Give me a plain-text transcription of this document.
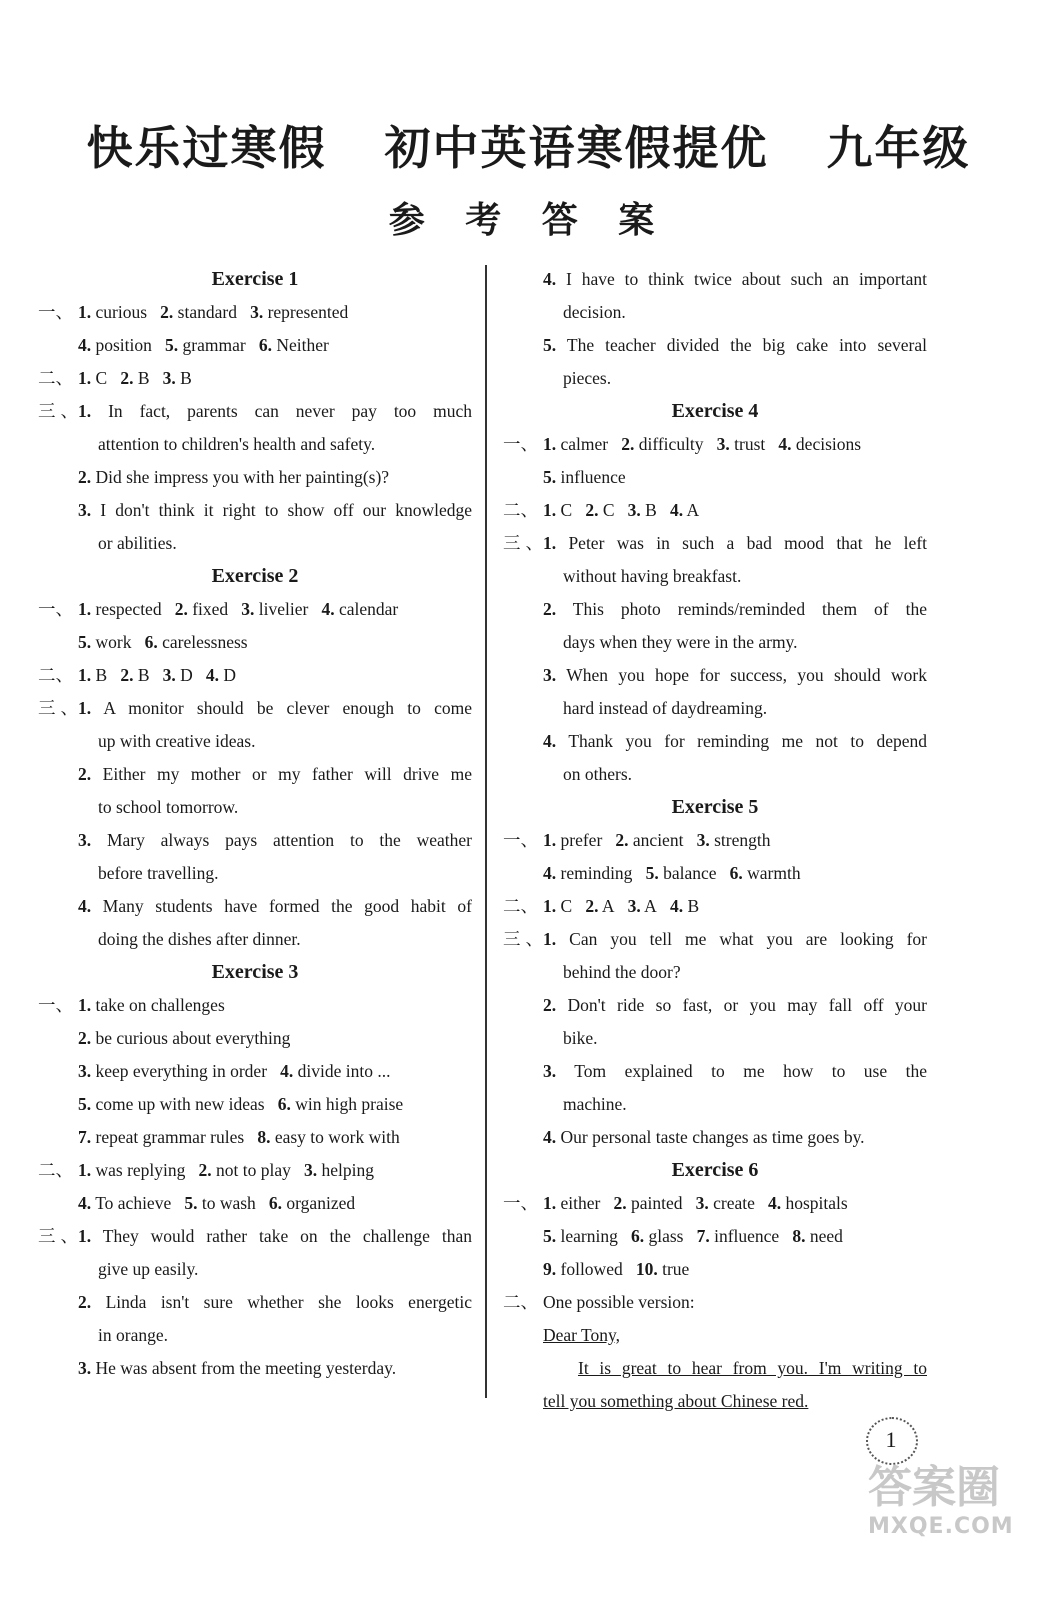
快乐过寒假 初中英语寒假提优 九年级
参 考 答 案
Exercise 1
一、 1. curious 2. standard 3. represented
4. position 5. grammar 6. Neither
二、 1. C 2. B 3. B
三、1. In fact, parents can never pay too much
attention to children's health and safety.
2. Did she impress you with her painting(s)?
3. I don't think it right to show off our knowledge
or abilities.
Exercise 2
一、 1. respected 2. fixed 3. livelier 4. calendar
5. work 6. carelessness
二、 1. B 2. B 3. D 4. D
三、1. A monitor should be clever enough to come
up with creative ideas.
2. Either my mother or my father will drive me
to school tomorrow.
3. Mary always pays attention to the weather
before travelling.
4. Many students have formed the good habit of
doing the dishes after dinner.
Exercise 3
一、 1. take on challenges
2. be curious about everything
3. keep everything in order 4. divide into ...
5. come up with new ideas 6. win high praise
7. repeat grammar rules 8. easy to work with
二、 1. was replying 2. not to play 3. helping
4. To achieve 5. to wash 6. organized
三、1. They would rather take on the challenge than
give up easily.
2. Linda isn't sure whether she looks energetic
in orange.
3. He was absent from the meeting yesterday.
4. I have to think twice about such an important
decision.
5. The teacher divided the big cake into several
pieces.
Exercise 4
一、 1. calmer 2. difficulty 3. trust 4. decisions
5. influence
二、 1. C 2. C 3. B 4. A
三、1. Peter was in such a bad mood that he left
without having breakfast.
2. This photo reminds/reminded them of the
days when they were in the army.
3. When you hope for success, you should work
hard instead of daydreaming.
4. Thank you for reminding me not to depend
on others.
Exercise 5
一、 1. prefer 2. ancient 3. strength
4. reminding 5. balance 6. warmth
二、 1. C 2. A 3. A 4. B
三、1. Can you tell me what you are looking for
behind the door?
2. Don't ride so fast, or you may fall off your
bike.
3. Tom explained to me how to use the
machine.
4. Our personal taste changes as time goes by.
Exercise 6
一、 1. either 2. painted 3. create 4. hospitals
5. learning 6. glass 7. influence 8. need
9. followed 10. true
二、 One possible version:
Dear Tony,
It is great to hear from you. I'm writing to
tell you something about Chinese red.
1
答案圈
MXQE.COM
